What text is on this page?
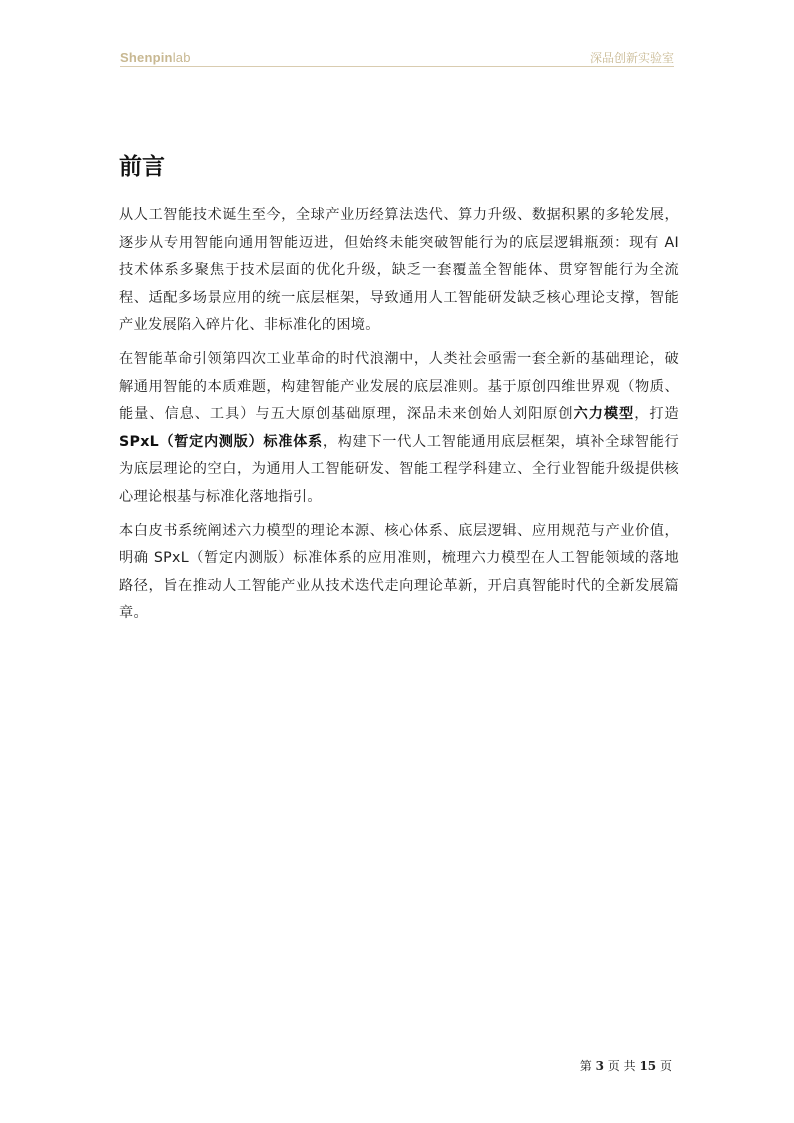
Shenpinlab	深品创新实验室
前言

从人工智能技术诞生至今，全球产业历经算法迭代、算力升级、数据积累的多轮发展，逐步从专用智能向通用智能迈进，但始终未能突破智能行为的底层逻辑瓶颈：现有 AI 技术体系多聚焦于技术层面的优化升级，缺乏一套覆盖全智能体、贯穿智能行为全流程、适配多场景应用的统一底层框架，导致通用人工智能研发缺乏核心理论支撑，智能产业发展陷入碎片化、非标准化的困境。

在智能革命引领第四次工业革命的时代浪潮中，人类社会亟需一套全新的基础理论，破解通用智能的本质难题，构建智能产业发展的底层准则。基于原创四维世界观（物质、能量、信息、工具）与五大原创基础原理，深品未来创始人刘阳原创六力模型，打造 SPxL（暂定内测版）标准体系，构建下一代人工智能通用底层框架，填补全球智能行为底层理论的空白，为通用人工智能研发、智能工程学科建立、全行业智能升级提供核心理论根基与标准化落地指引。

本白皮书系统阐述六力模型的理论本源、核心体系、底层逻辑、应用规范与产业价值，明确 SPxL（暂定内测版）标准体系的应用准则，梳理六力模型在人工智能领域的落地路径，旨在推动人工智能产业从技术迭代走向理论革新，开启真智能时代的全新发展篇章。

第 3 页 共 15 页
